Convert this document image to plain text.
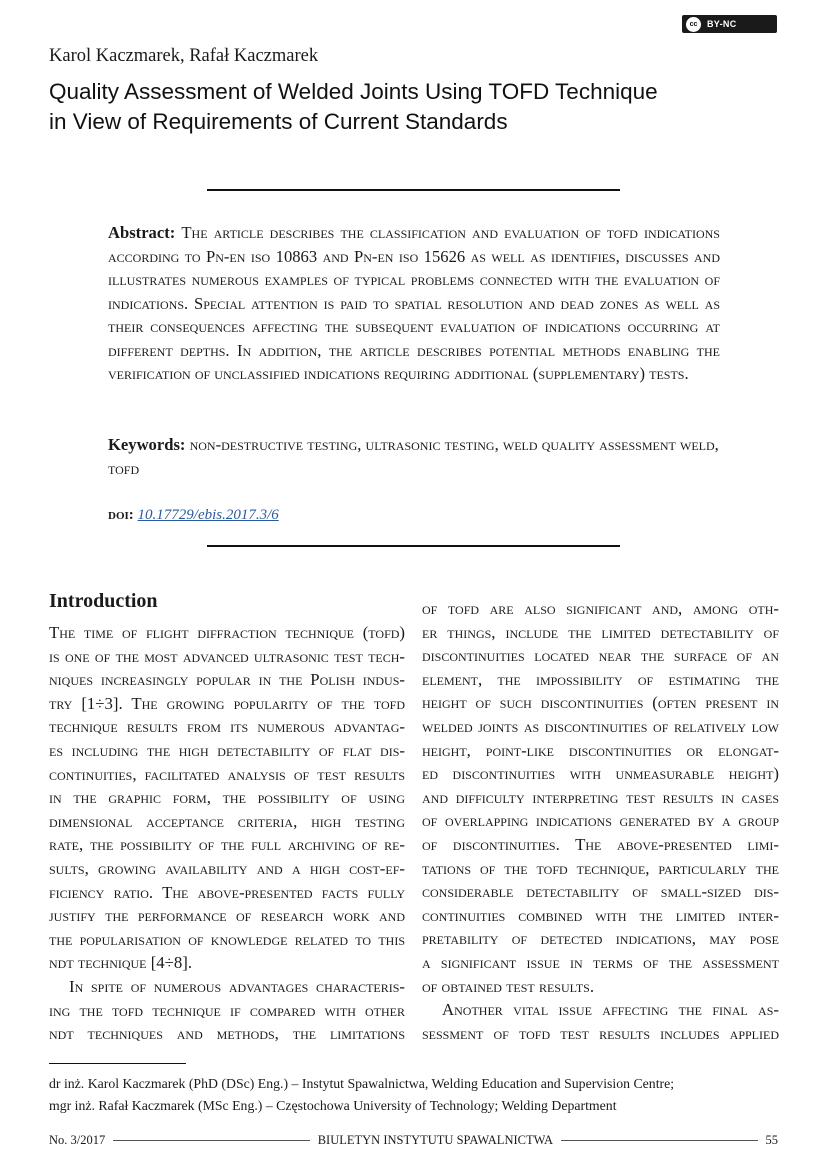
cc	BY-NC
Karol Kaczmarek, Rafał Kaczmarek
Quality Assessment of Welded Joints Using TOFD Technique
in View of Requirements of Current Standards
Abstract: The article describes the classification and evaluation of tofd indications according to Pn-en iso 10863 and Pn-en iso 15626 as well as identifies, discusses and illustrates numerous examples of typical problems connected with the evaluation of indications. Special attention is paid to spatial resolution and dead zones as well as their consequences affecting the subsequent evaluation of indications occurring at different depths. In addition, the article describes potential methods enabling the verification of unclassified indications requiring additional (supplementary) tests.
Keywords: non-destructive testing, ultrasonic testing, weld quality assessment weld, tofd
doi: 10.17729/ebis.2017.3/6
Introduction
The time of flight diffraction technique (tofd)
is one of the most advanced ultrasonic test tech-
niques increasingly popular in the Polish indus-
try [1÷3]. The growing popularity of the tofd
technique results from its numerous advantag-
es including the high detectability of flat dis-
continuities, facilitated analysis of test results
in the graphic form, the possibility of using
dimensional acceptance criteria, high testing
rate, the possibility of the full archiving of re-
sults, growing availability and a high cost-ef-
ficiency ratio. The above-presented facts fully
justify the performance of research work and
the popularisation of knowledge related to this
ndt technique [4÷8].
In spite of numerous advantages characteris-
ing the tofd technique if compared with other
ndt techniques and methods, the limitations
of tofd are also significant and, among oth-
er things, include the limited detectability of
discontinuities located near the surface of an
element, the impossibility of estimating the
height of such discontinuities (often present in
welded joints as discontinuities of relatively low
height, point-like discontinuities or elongat-
ed discontinuities with unmeasurable height)
and difficulty interpreting test results in cases
of overlapping indications generated by a group
of discontinuities. The above-presented limi-
tations of the tofd technique, particularly the
considerable detectability of small-sized dis-
continuities combined with the limited inter-
pretability of detected indications, may pose
a significant issue in terms of the assessment
of obtained test results.
Another vital issue affecting the final as-
sessment of tofd test results includes applied
dr inż. Karol Kaczmarek (PhD (DSc) Eng.) – Instytut Spawalnictwa, Welding Education and Supervision Centre;
mgr inż. Rafał Kaczmarek (MSc Eng.) – Częstochowa University of Technology; Welding Department
No. 3/2017	BIULETYN INSTYTUTU SPAWALNICTWA	55
